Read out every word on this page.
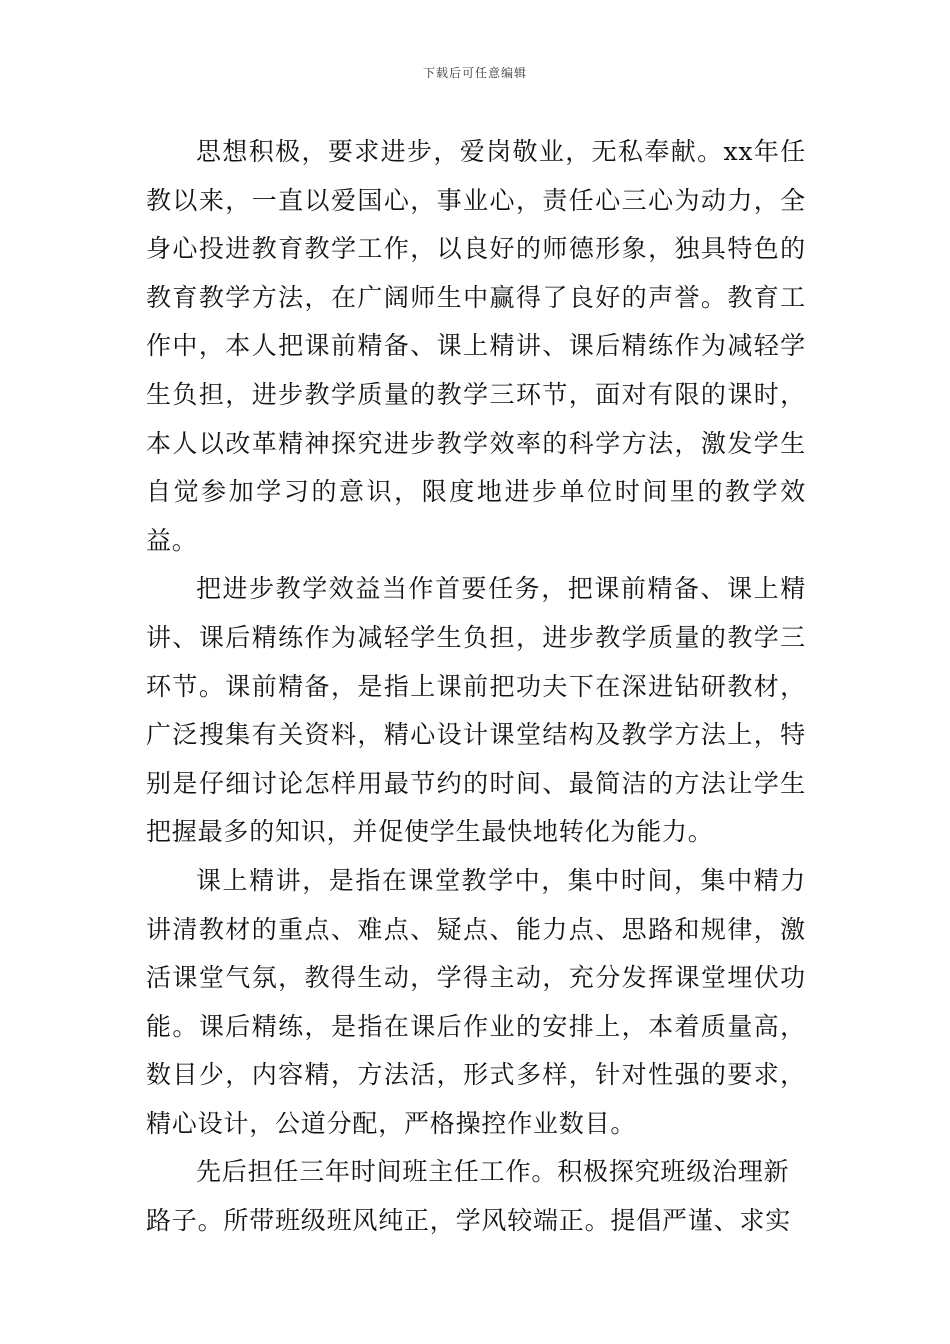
下载后可任意编辑

思想积极，要求进步，爱岗敬业，无私奉献。xx年任教以来，一直以爱国心，事业心，责任心三心为动力，全身心投进教育教学工作，以良好的师德形象，独具特色的教育教学方法，在广阔师生中赢得了良好的声誉。教育工作中，本人把课前精备、课上精讲、课后精练作为减轻学生负担，进步教学质量的教学三环节，面对有限的课时，本人以改革精神探究进步教学效率的科学方法，激发学生自觉参加学习的意识，限度地进步单位时间里的教学效益。

把进步教学效益当作首要任务，把课前精备、课上精讲、课后精练作为减轻学生负担，进步教学质量的教学三环节。课前精备，是指上课前把功夫下在深进钻研教材，广泛搜集有关资料，精心设计课堂结构及教学方法上，特别是仔细讨论怎样用最节约的时间、最简洁的方法让学生把握最多的知识，并促使学生最快地转化为能力。

课上精讲，是指在课堂教学中，集中时间，集中精力讲清教材的重点、难点、疑点、能力点、思路和规律，激活课堂气氛，教得生动，学得主动，充分发挥课堂埋伏功能。课后精练，是指在课后作业的安排上，本着质量高，数目少，内容精，方法活，形式多样，针对性强的要求，精心设计，公道分配，严格操控作业数目。

先后担任三年时间班主任工作。积极探究班级治理新路子。所带班级班风纯正，学风较端正。提倡严谨、求实
